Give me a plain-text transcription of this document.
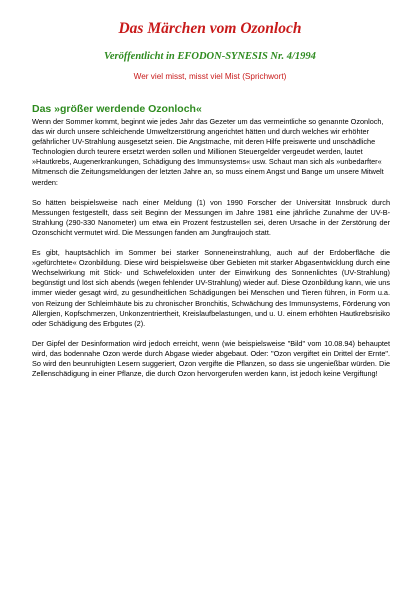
Das Märchen vom Ozonloch
Veröffentlicht in EFODON-SYNESIS Nr. 4/1994
Wer viel misst, misst viel Mist (Sprichwort)
Das »größer werdende Ozonloch«

Wenn der Sommer kommt, beginnt wie jedes Jahr das Gezeter um das vermeintliche so genannte Ozonloch, das wir durch unsere schleichende Umweltzerstörung angerichtet hätten und durch welches wir erhöhter gefährlicher UV-Strahlung ausgesetzt seien. Die Angstmache, mit deren Hilfe preiswerte und unschädliche Technologien durch teurere ersetzt werden sollen und Millionen Steuergelder vergeudet werden, lautet »Hautkrebs, Augenerkrankungen, Schädigung des Immunsystems« usw. Schaut man sich als »unbedarfter« Mitmensch die Zeitungsmeldungen der letzten Jahre an, so muss einem Angst und Bange um unsere Mitwelt werden:

So hätten beispielsweise nach einer Meldung (1) von 1990 Forscher der Universität Innsbruck durch Messungen festgestellt, dass seit Beginn der Messungen im Jahre 1981 eine jährliche Zunahme der UV-B-Strahlung (290-330 Nanometer) um etwa ein Prozent festzustellen sei, deren Ursache in der Zerstörung der Ozonschicht vermutet wird. Die Messungen fanden am Jungfraujoch statt.

Es gibt, hauptsächlich im Sommer bei starker Sonneneinstrahlung, auch auf der Erdoberfläche die »gefürchtete« Ozonbildung. Diese wird beispielsweise über Gebieten mit starker Abgasentwicklung durch eine Wechselwirkung mit Stick- und Schwefeloxiden unter der Einwirkung des Sonnenlichtes (UV-Strahlung) begünstigt und löst sich abends (wegen fehlender UV-Strahlung) wieder auf. Diese Ozonbildung kann, wie uns immer wieder gesagt wird, zu gesundheitlichen Schädigungen bei Menschen und Tieren führen, in Form u.a. von Reizung der Schleimhäute bis zu chronischer Bronchitis, Schwächung des Immunsystems, Förderung von Allergien, Kopfschmerzen, Unkonzentriertheit, Kreislaufbelastungen, und u. U. einem erhöhten Hautkrebsrisiko oder Schädigung des Erbgutes (2).

Der Gipfel der Desinformation wird jedoch erreicht, wenn (wie beispielsweise "Bild" vom 10.08.94) behauptet wird, das bodennahe Ozon werde durch Abgase wieder abgebaut. Oder: "Ozon vergiftet ein Drittel der Ernte". So wird den beunruhigten Lesern suggeriert, Ozon vergifte die Pflanzen, so dass sie ungenießbar würden. Die Zellenschädigung in einer Pflanze, die durch Ozon hervorgerufen werden kann, ist jedoch keine Vergiftung!
